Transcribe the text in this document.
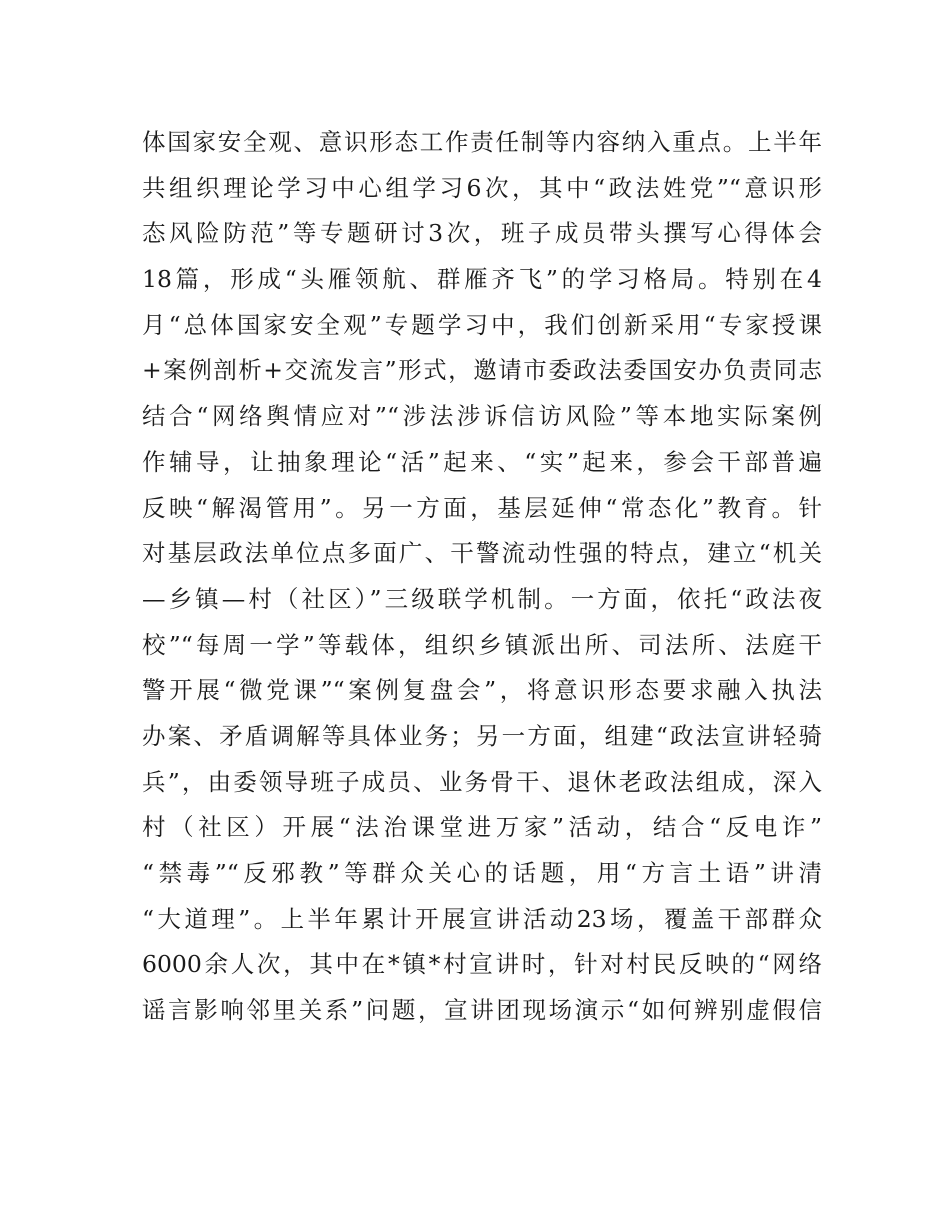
体国家安全观、意识形态工作责任制等内容纳入重点。上半年
共组织理论学习中心组学习6次，其中“政法姓党”“意识形
态风险防范”等专题研讨3次，班子成员带头撰写心得体会
18篇，形成“头雁领航、群雁齐飞”的学习格局。特别在4
月“总体国家安全观”专题学习中，我们创新采用“专家授课
+案例剖析+交流发言”形式，邀请市委政法委国安办负责同志
结合“网络舆情应对”“涉法涉诉信访风险”等本地实际案例
作辅导，让抽象理论“活”起来、“实”起来，参会干部普遍
反映“解渴管用”。另一方面，基层延伸“常态化”教育。针
对基层政法单位点多面广、干警流动性强的特点，建立“机关
—乡镇—村（社区）”三级联学机制。一方面，依托“政法夜
校”“每周一学”等载体，组织乡镇派出所、司法所、法庭干
警开展“微党课”“案例复盘会”，将意识形态要求融入执法
办案、矛盾调解等具体业务；另一方面，组建“政法宣讲轻骑
兵”，由委领导班子成员、业务骨干、退休老政法组成，深入
村（社区）开展“法治课堂进万家”活动，结合“反电诈”
“禁毒”“反邪教”等群众关心的话题，用“方言土语”讲清
“大道理”。上半年累计开展宣讲活动23场，覆盖干部群众
6000余人次，其中在*镇*村宣讲时，针对村民反映的“网络
谣言影响邻里关系”问题，宣讲团现场演示“如何辨别虚假信
